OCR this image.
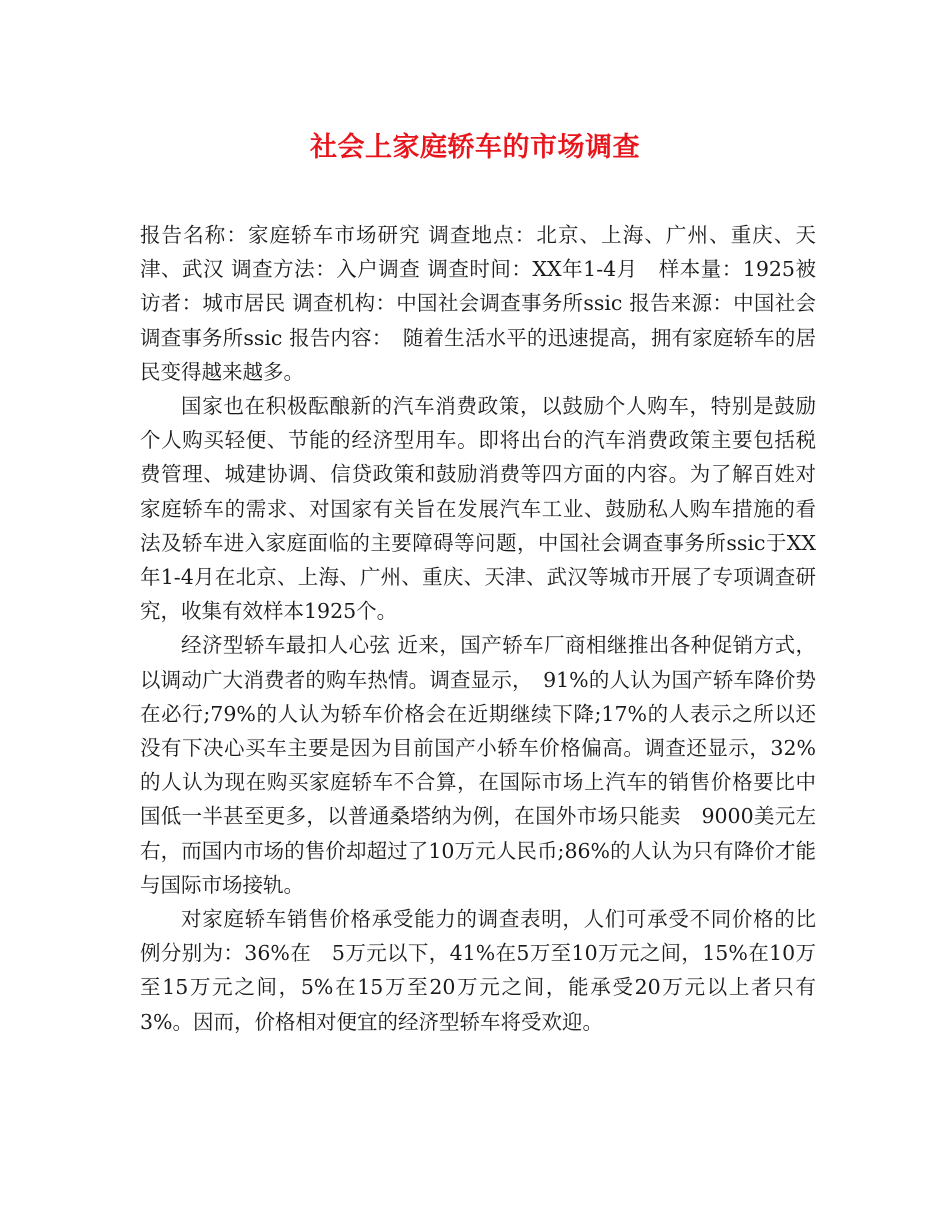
社会上家庭轿车的市场调查

报告名称：家庭轿车市场研究 调查地点：北京、上海、广州、重庆、天津、武汉 调查方法：入户调查 调查时间：XX年1-4月　样本量：1925被访者：城市居民 调查机构：中国社会调查事务所ssic 报告来源：中国社会调查事务所ssic 报告内容：　随着生活水平的迅速提高，拥有家庭轿车的居民变得越来越多。

国家也在积极酝酿新的汽车消费政策，以鼓励个人购车，特别是鼓励个人购买轻便、节能的经济型用车。即将出台的汽车消费政策主要包括税费管理、城建协调、信贷政策和鼓励消费等四方面的内容。为了解百姓对家庭轿车的需求、对国家有关旨在发展汽车工业、鼓励私人购车措施的看法及轿车进入家庭面临的主要障碍等问题，中国社会调查事务所ssic于XX年1-4月在北京、上海、广州、重庆、天津、武汉等城市开展了专项调查研究，收集有效样本1925个。

经济型轿车最扣人心弦 近来，国产轿车厂商相继推出各种促销方式，以调动广大消费者的购车热情。调查显示，　91%的人认为国产轿车降价势在必行;79%的人认为轿车价格会在近期继续下降;17%的人表示之所以还没有下决心买车主要是因为目前国产小轿车价格偏高。调查还显示，32%的人认为现在购买家庭轿车不合算，在国际市场上汽车的销售价格要比中国低一半甚至更多，以普通桑塔纳为例，在国外市场只能卖　9000美元左右，而国内市场的售价却超过了10万元人民币;86%的人认为只有降价才能与国际市场接轨。

对家庭轿车销售价格承受能力的调查表明，人们可承受不同价格的比例分别为：36%在　5万元以下，41%在5万至10万元之间，15%在10万至15万元之间，5%在15万至20万元之间，能承受20万元以上者只有3%。因而，价格相对便宜的经济型轿车将受欢迎。
